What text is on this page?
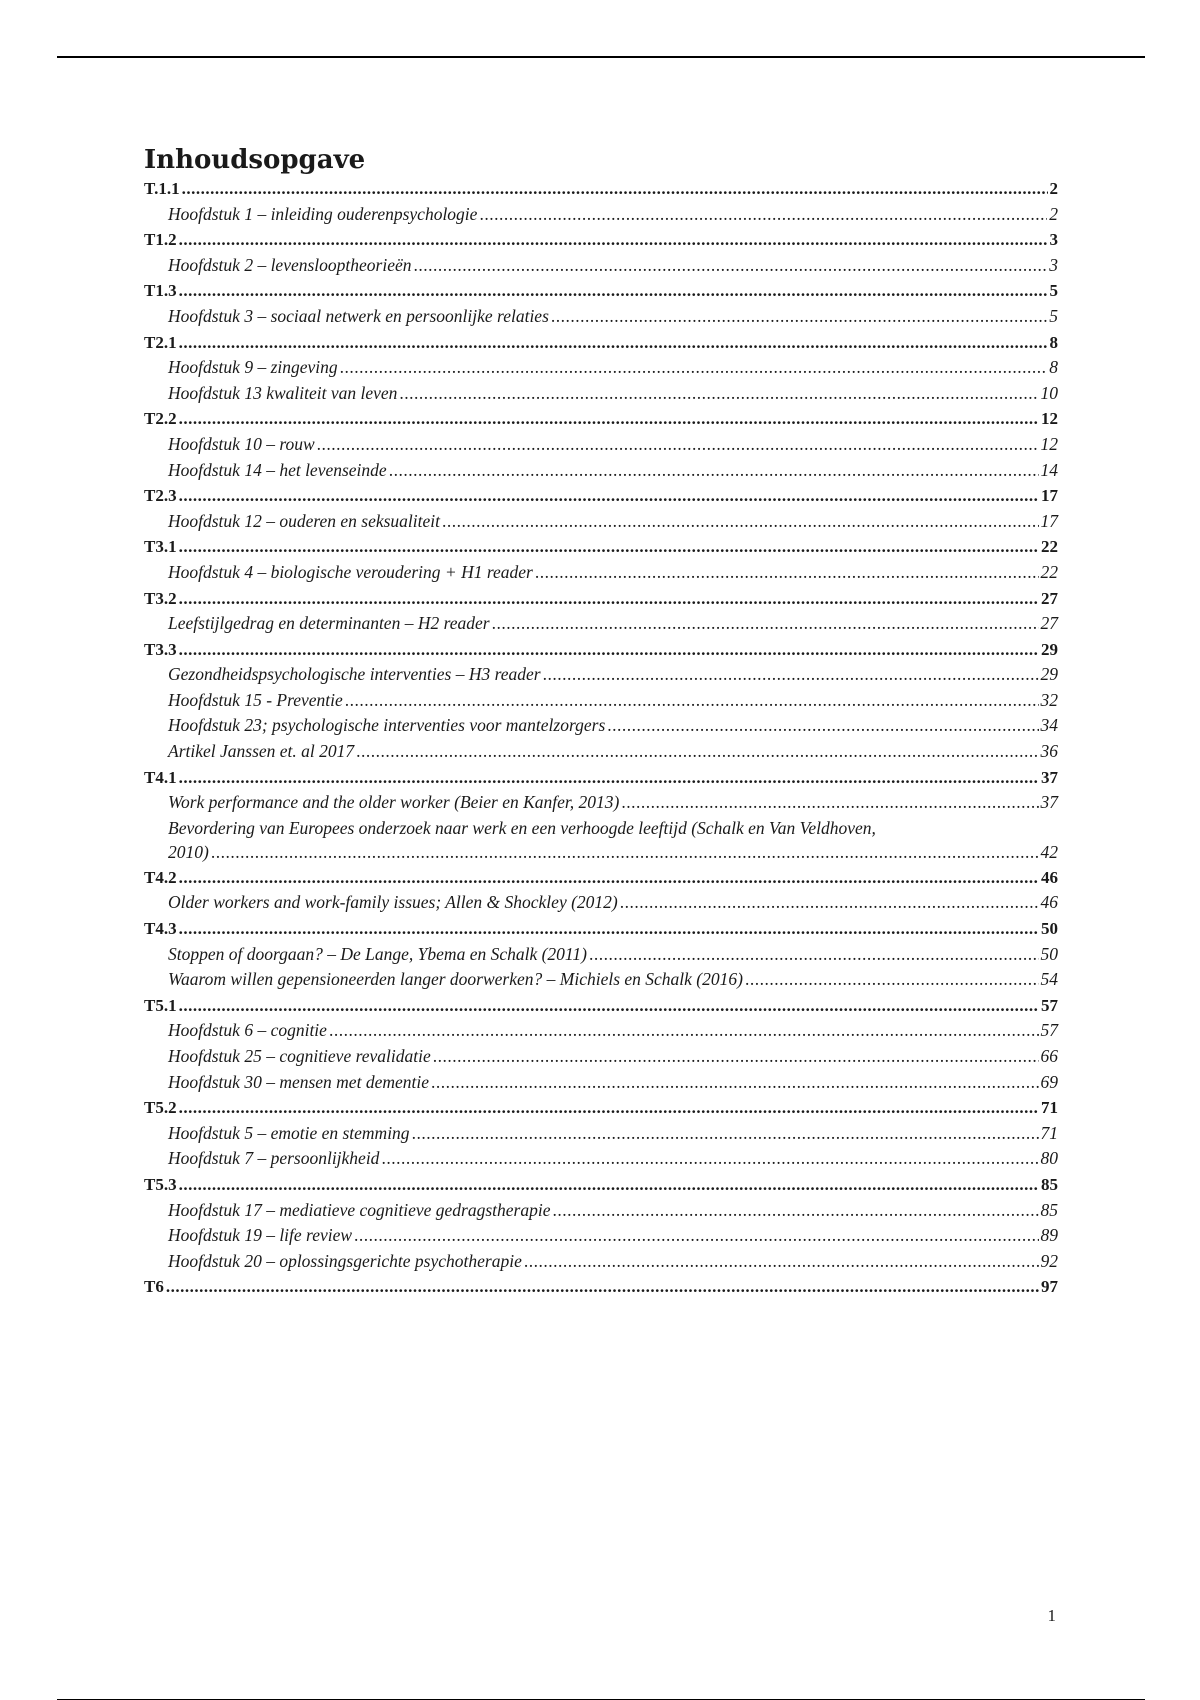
Inhoudsopgave
T.1.1 .....	2
Hoofdstuk 1 – inleiding ouderenpsychologie .....	2
T1.2 .....	3
Hoofdstuk 2 – levenslooptheorieën .....	3
T1.3 .....	5
Hoofdstuk 3 – sociaal netwerk en persoonlijke relaties .....	5
T2.1 .....	8
Hoofdstuk 9 – zingeving .....	8
Hoofdstuk 13 kwaliteit van leven .....	10
T2.2 .....	12
Hoofdstuk 10 – rouw .....	12
Hoofdstuk 14 – het levenseinde .....	14
T2.3 .....	17
Hoofdstuk 12 – ouderen en seksualiteit .....	17
T3.1 .....	22
Hoofdstuk 4 – biologische veroudering + H1 reader .....	22
T3.2 .....	27
Leefstijlgedrag en determinanten – H2 reader .....	27
T3.3 .....	29
Gezondheidspsychologische interventies – H3 reader .....	29
Hoofdstuk 15 - Preventie .....	32
Hoofdstuk 23; psychologische interventies voor mantelzorgers .....	34
Artikel Janssen et. al 2017 .....	36
T4.1 .....	37
Work performance and the older worker (Beier en Kanfer, 2013) .....	37
Bevordering van Europees onderzoek naar werk en een verhoogde leeftijd (Schalk en Van Veldhoven,
2010) .....	42
T4.2 .....	46
Older workers and work-family issues; Allen & Shockley (2012) .....	46
T4.3 .....	50
Stoppen of doorgaan? – De Lange, Ybema en Schalk (2011) .....	50
Waarom willen gepensioneerden langer doorwerken? – Michiels en Schalk (2016) .....	54
T5.1 .....	57
Hoofdstuk 6 – cognitie .....	57
Hoofdstuk 25 – cognitieve revalidatie .....	66
Hoofdstuk 30 – mensen met dementie .....	69
T5.2 .....	71
Hoofdstuk 5 – emotie en stemming .....	71
Hoofdstuk 7 – persoonlijkheid .....	80
T5.3 .....	85
Hoofdstuk 17 – mediatieve cognitieve gedragstherapie .....	85
Hoofdstuk 19 – life review .....	89
Hoofdstuk 20 – oplossingsgerichte psychotherapie .....	92
T6 .....	97
1
